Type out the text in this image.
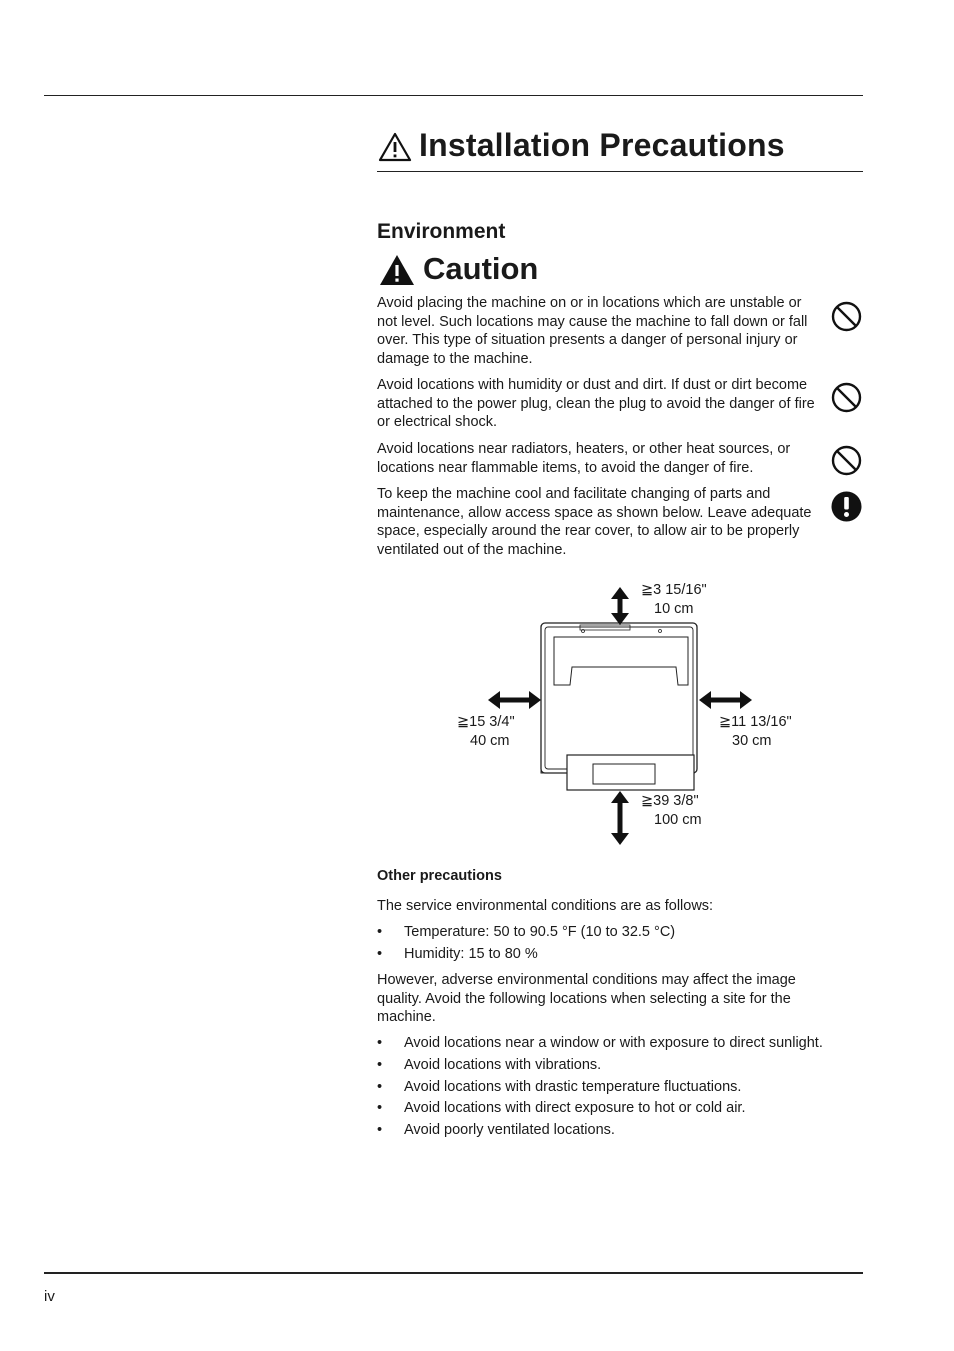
Installation Precautions
Environment
Caution

Avoid placing the machine on or in locations which are unstable or not level. Such locations may cause the machine to fall down or fall over. This type of situation presents a danger of personal injury or damage to the machine.

Avoid locations with humidity or dust and dirt. If dust or dirt become attached to the power plug, clean the plug to avoid the danger of fire or electrical shock.

Avoid locations near radiators, heaters, or other heat sources, or locations near flammable items, to avoid the danger of fire.

To keep the machine cool and facilitate changing of parts and maintenance, allow access space as shown below. Leave adequate space, especially around the rear cover, to allow air to be properly ventilated out of the machine.

≧3 15/16"
10 cm
≧15 3/4"
40 cm
≧11 13/16"
30 cm
≧39 3/8"
100 cm
Other precautions

The service environmental conditions are as follows:

• Temperature: 50 to 90.5 °F (10 to 32.5 °C)
• Humidity: 15 to 80 %

However, adverse environmental conditions may affect the image quality. Avoid the following locations when selecting a site for the machine.

• Avoid locations near a window or with exposure to direct sunlight.
• Avoid locations with vibrations.
• Avoid locations with drastic temperature fluctuations.
• Avoid locations with direct exposure to hot or cold air.
• Avoid poorly ventilated locations.
iv
